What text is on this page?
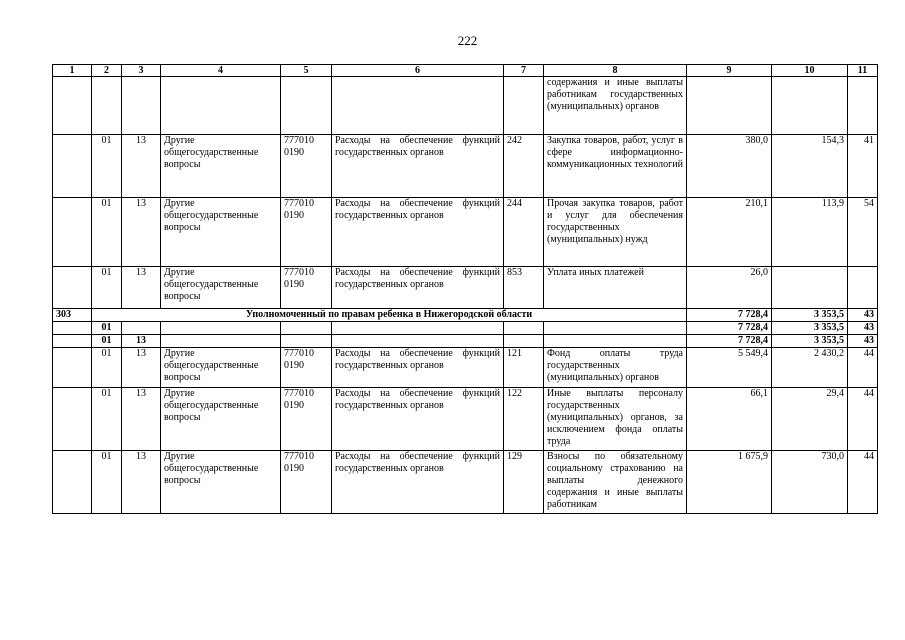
222
1	2	3	4	5	6	7	8	9	10	11
							содержания и иные выплаты работникам государственных (муниципальных) органов			
	01	13	Другие общегосударственные вопросы	777010 0190	Расходы на обеспечение функций государственных органов	242	Закупка товаров, работ, услуг в сфере информационно-коммуникационных технологий	380,0	154,3	41
	01	13	Другие общегосударственные вопросы	777010 0190	Расходы на обеспечение функций государственных органов	244	Прочая закупка товаров, работ и услуг для обеспечения государственных (муниципальных) нужд	210,1	113,9	54
	01	13	Другие общегосударственные вопросы	777010 0190	Расходы на обеспечение функций государственных органов	853	Уплата иных платежей	26,0		
303	Уполномоченный по правам ребенка в Нижегородской области							7 728,4	3 353,5	43
	01							7 728,4	3 353,5	43
	01	13						7 728,4	3 353,5	43
	01	13	Другие общегосударственные вопросы	777010 0190	Расходы на обеспечение функций государственных органов	121	Фонд оплаты труда государственных (муниципальных) органов	5 549,4	2 430,2	44
	01	13	Другие общегосударственные вопросы	777010 0190	Расходы на обеспечение функций государственных органов	122	Иные выплаты персоналу государственных (муниципальных) органов, за исключением фонда оплаты труда	66,1	29,4	44
	01	13	Другие общегосударственные вопросы	777010 0190	Расходы на обеспечение функций государственных органов	129	Взносы по обязательному социальному страхованию на выплаты денежного содержания и иные выплаты работникам	1 675,9	730,0	44
